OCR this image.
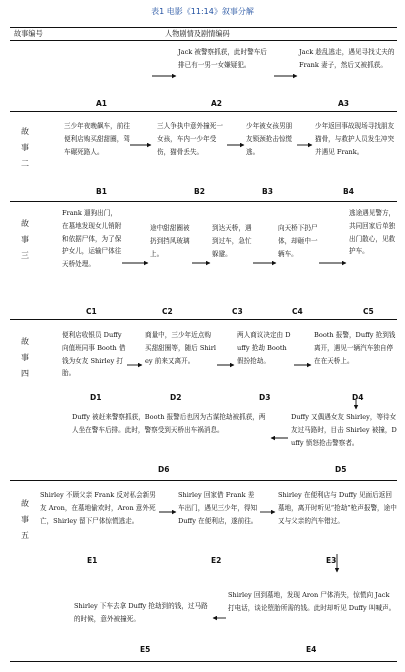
表1 电影《11:14》叙事分解
故事编号	人物剧情及剧情编码
故
事
二
故
事
三
故
事
四
故
事
五
A1
Jack 被警察抓获，此时警车后排已有一男一女嫌疑犯。
A2
Jack 趁乱逃走，遇见寻找丈夫的 Frank 妻子，然后又被抓获。
A3
三少年夜晚飙车，前往便利店购买甜甜圈，驾车碾死路人。
B1
三人争执中意外撞死一女孩，车内一少年受伤，猫骨丢失。
B2
少年被女孩男朋友锁颈抢击惊慌逃。
B3
少年返回事故现场寻找朋友猫骨，与救护人员发生冲突并遇见 Frank。
B4
Frank 遛狗出门，在墓地发现女儿销附和依据尸体，为了保护女儿，运输尸体往天桥处理。
C1
途中甜甜圈被扔到挡风玻璃上。
C2
到达天桥，遇到过车，急忙躲避。
C3
向天桥下扔尸体，却砸中一辆车。
C4
逃途遇见警方，共同回家后单独出门散心，见救护车。
C5
便利店收银员 Duffy 向值班同事 Booth 借钱为女友 Shirley 打胎。
D1
商量中，三少年近点购买甜甜圈等，随后 Shirley 前来又离开。
D2
两人商议决定由 Duffy 抢劫 Booth 假扮抢劫。
D3
Booth 报警，Duffy 抢到钱离开，遇见一辆汽车独自停在在天桥上。
D4
Duffy 又偶遇女友 Shirley，等待女友过马路时，目击 Shirley 被撞，Duffy 愤怒抢击警察者。
D5
Duffy 被赶来警察抓获，Booth 报警后也因为古谋抢劫被抓获，两人坐在警车后排。此时，警察受到天桥出车祸消息。
D6
Shirley 不顾父亲 Frank 反对私会新男友 Aron，在墓地偷欢时，Aron 意外死亡，Shirley 留下尸体惊慌逃走。
E1
Shirley 回家借 Frank 差车出门，遇见三少年，得知 Duffy 在便利店，遂前往。
E2
Shirley 在便利店与 Duffy 见面后返回墓地，离开时听见“抢劫”枪声报警，途中又与父亲的汽车错过。
E3
Shirley 回到墓地，发现 Aron 尸体消失，惊慌向 Jack 打电话，谈论堕胎所需的钱。此时却听见 Duffy 叫喊声。
E4
Shirley 下车去拿 Duffy 抢劫到的钱，过马路的时候，意外被撞死。
E5
